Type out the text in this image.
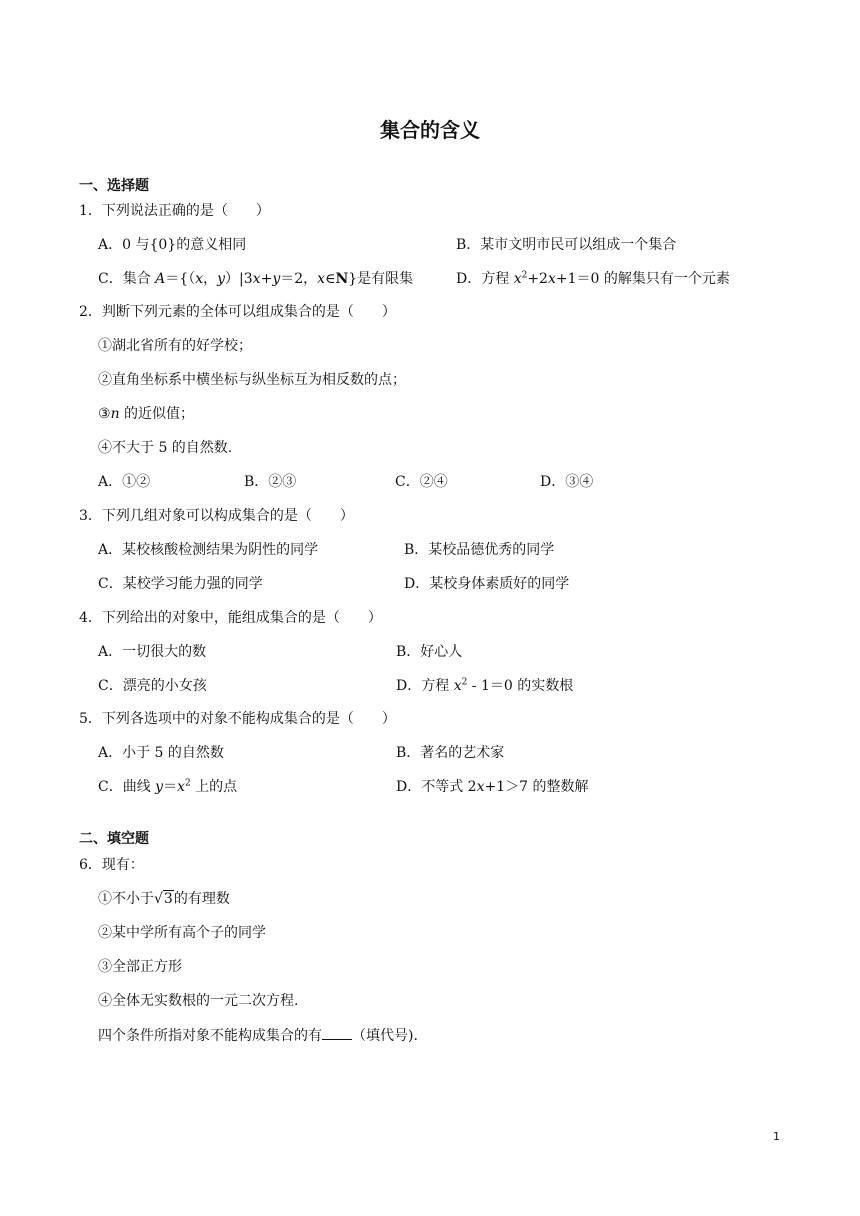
集合的含义
一、选择题
1．下列说法正确的是（　　）
A．0 与{0}的意义相同	B．某市文明市民可以组成一个集合
C．集合 A＝{（x，y）|3x+y＝2，x∈N}是有限集	D．方程 $x^2+2x+1=0$ 的解集只有一个元素
2．判断下列元素的全体可以组成集合的是（　　）
①湖北省所有的好学校；
②直角坐标系中横坐标与纵坐标互为相反数的点；
③n 的近似值；
④不大于 5 的自然数.
A．①②	B．②③	C．②④	D．③④
3．下列几组对象可以构成集合的是（　　）
A．某校核酸检测结果为阴性的同学	B．某校品德优秀的同学
C．某校学习能力强的同学	D．某校身体素质好的同学
4．下列给出的对象中，能组成集合的是（　　）
A．一切很大的数	B．好心人
C．漂亮的小女孩	D．方程 $x^2 - 1=0$ 的实数根
5．下列各选项中的对象不能构成集合的是（　　）
A．小于 5 的自然数	B．著名的艺术家
C．曲线 $y=x^2$ 上的点	D．不等式 2x+1＞7 的整数解
二、填空题
6．现有：
①不小于√3的有理数
②某中学所有高个子的同学
③全部正方形
④全体无实数根的一元二次方程.
四个条件所指对象不能构成集合的有 （填代号).
1
